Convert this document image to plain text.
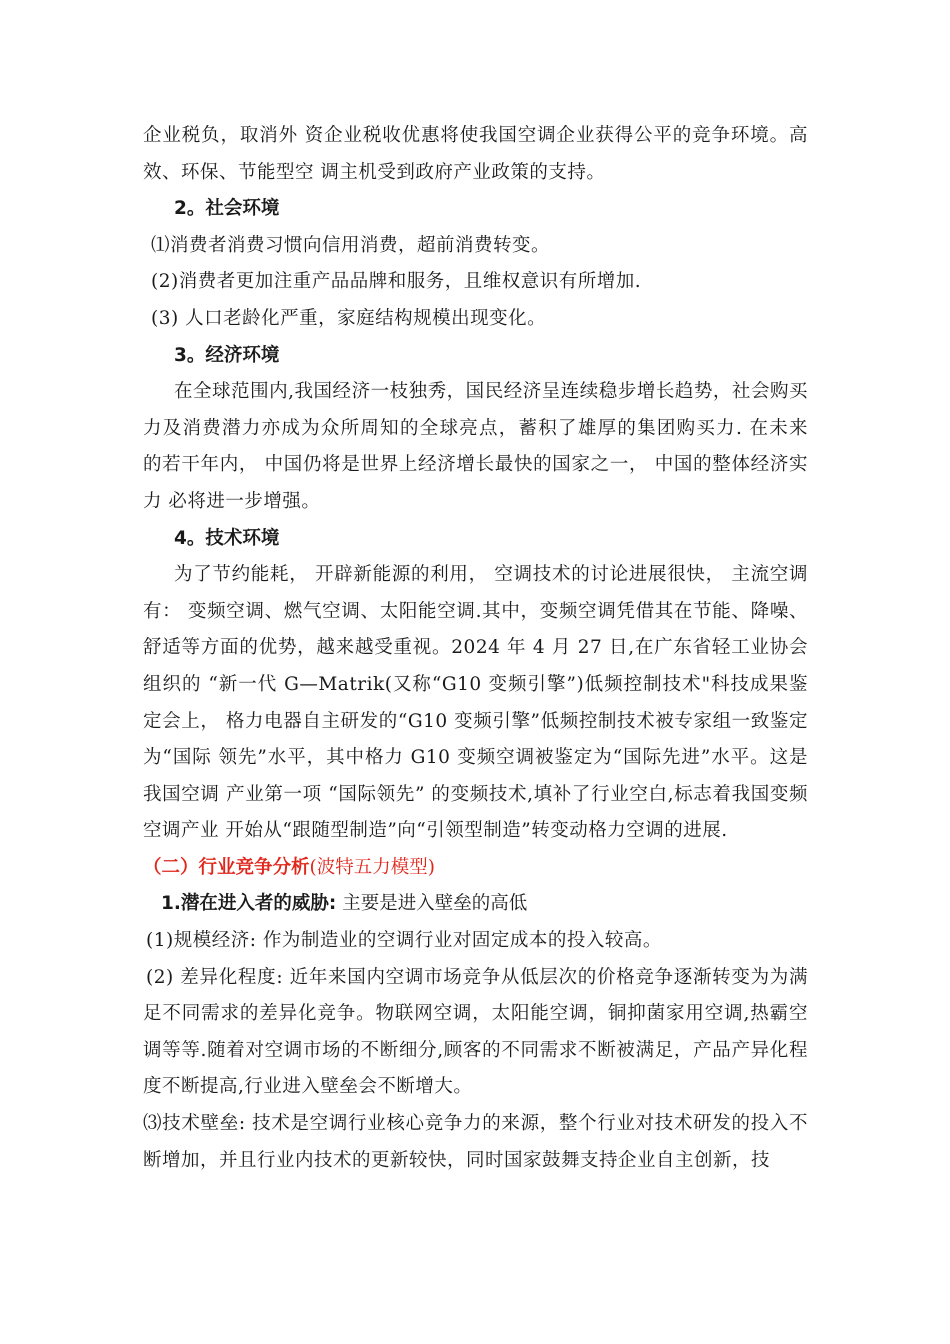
企业税负，取消外 资企业税收优惠将使我国空调企业获得公平的竞争环境。高效、环保、节能型空 调主机受到政府产业政策的支持。

2。社会环境

⑴消费者消费习惯向信用消费，超前消费转变。

(2)消费者更加注重产品品牌和服务，且维权意识有所增加.

(3) 人口老龄化严重，家庭结构规模出现变化。

3。经济环境

在全球范围内,我国经济一枝独秀，国民经济呈连续稳步增长趋势，社会购买力及消费潜力亦成为众所周知的全球亮点，蓄积了雄厚的集团购买力. 在未来 的若干年内， 中国仍将是世界上经济增长最快的国家之一， 中国的整体经济实力 必将进一步增强。

4。技术环境

为了节约能耗， 开辟新能源的利用， 空调技术的讨论进展很快， 主流空调有： 变频空调、燃气空调、太阳能空调.其中，变频空调凭借其在节能、降噪、舒适等方面的优势，越来越受重视。2024 年 4 月 27 日,在广东省轻工业协会组织的 “新一代 G—Matrik(又称“G10 变频引擎”)低频控制技术"科技成果鉴定会上， 格力电器自主研发的“G10 变频引擎”低频控制技术被专家组一致鉴定为“国际 领先”水平，其中格力 G10 变频空调被鉴定为“国际先进”水平。这是我国空调 产业第一项 “国际领先” 的变频技术,填补了行业空白,标志着我国变频空调产业 开始从“跟随型制造”向“引领型制造”转变动格力空调的进展.

（二）行业竞争分析(波特五力模型)

1.潜在进入者的威胁: 主要是进入壁垒的高低

(1)规模经济: 作为制造业的空调行业对固定成本的投入较高。

(2) 差异化程度: 近年来国内空调市场竞争从低层次的价格竞争逐渐转变为为满足不同需求的差异化竞争。物联网空调，太阳能空调，铜抑菌家用空调,热霸空调等等.随着对空调市场的不断细分,顾客的不同需求不断被满足，产品产异化程度不断提高,行业进入壁垒会不断增大。

⑶技术壁垒: 技术是空调行业核心竞争力的来源，整个行业对技术研发的投入不断增加，并且行业内技术的更新较快，同时国家鼓舞支持企业自主创新，技
